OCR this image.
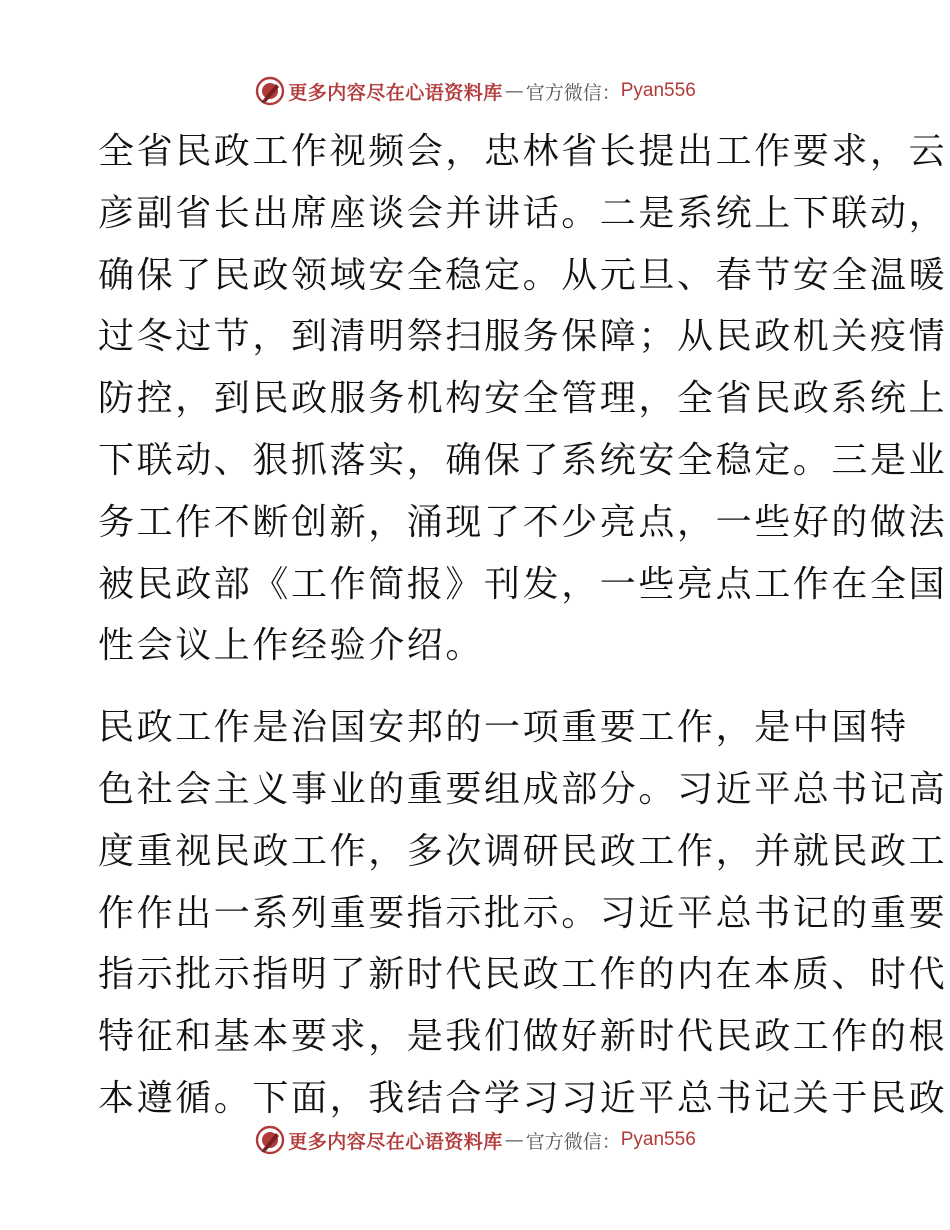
更多内容尽在心语资料库 — 官方微信： Pyan556

全省民政工作视频会，忠林省长提出工作要求，云
彦副省长出席座谈会并讲话。二是系统上下联动，
确保了民政领域安全稳定。从元旦、春节安全温暖
过冬过节，到清明祭扫服务保障；从民政机关疫情
防控，到民政服务机构安全管理，全省民政系统上
下联动、狠抓落实，确保了系统安全稳定。三是业
务工作不断创新，涌现了不少亮点，一些好的做法
被民政部《工作简报》刊发，一些亮点工作在全国
性会议上作经验介绍。

民政工作是治国安邦的一项重要工作，是中国特
色社会主义事业的重要组成部分。习近平总书记高
度重视民政工作，多次调研民政工作，并就民政工
作作出一系列重要指示批示。习近平总书记的重要
指示批示指明了新时代民政工作的内在本质、时代
特征和基本要求，是我们做好新时代民政工作的根
本遵循。下面，我结合学习习近平总书记关于民政

更多内容尽在心语资料库 — 官方微信： Pyan556
